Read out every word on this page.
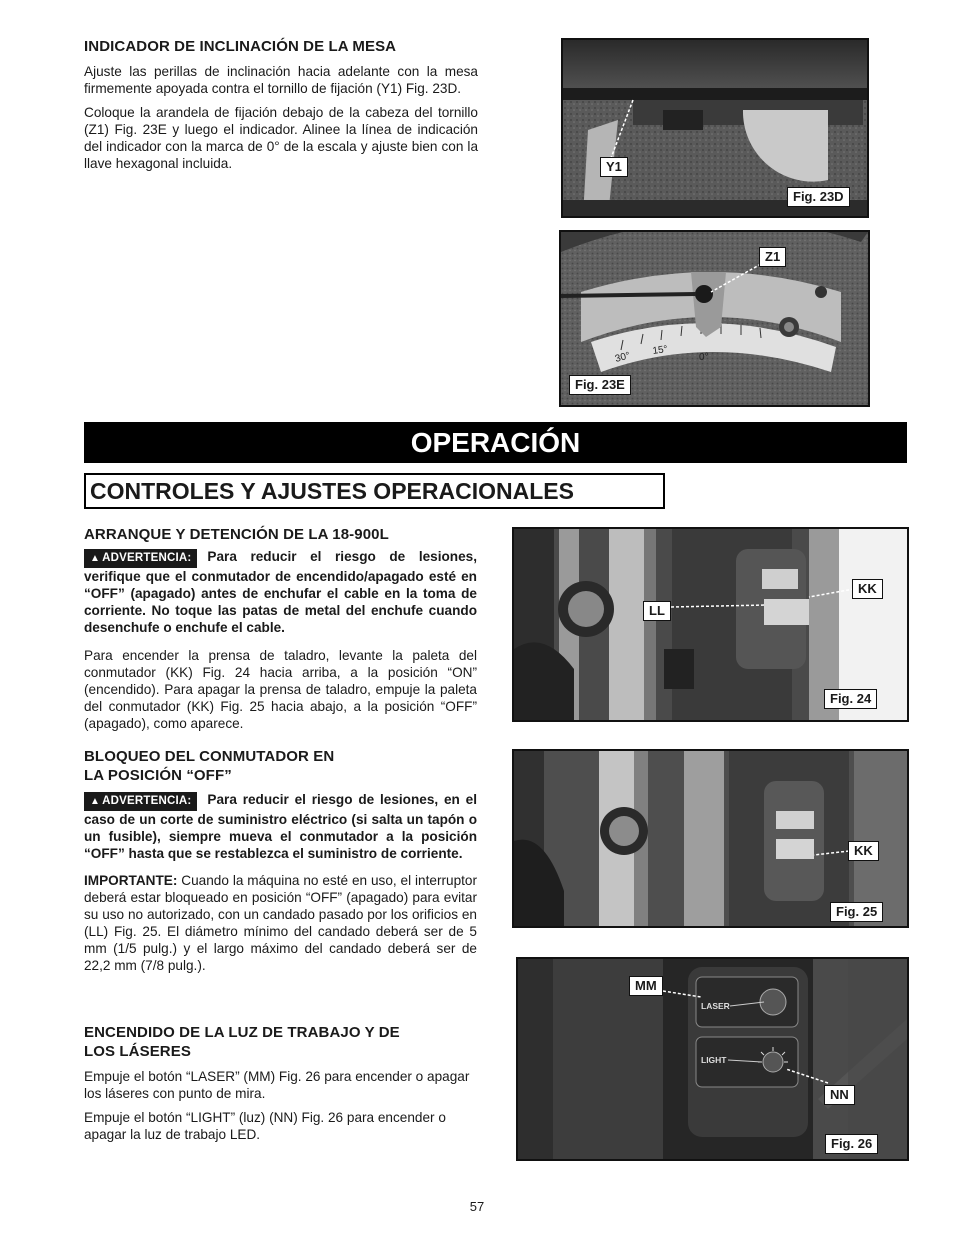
INDICADOR DE INCLINACIÓN DE LA MESA

Ajuste las perillas de inclinación hacia adelante con la mesa firmemente apoyada contra el tornillo de fijación (Y1) Fig. 23D.

Coloque la arandela de fijación debajo de la cabeza del tornillo (Z1) Fig. 23E y luego el indicador. Alinee la línea de indicación del indicador con la marca de 0° de la escala y ajuste bien con la llave hexagonal incluida.	Y1
Fig. 23D
30° 15°
0°
Z1
Fig. 23E
OPERACIÓN
CONTROLES Y AJUSTES OPERACIONALES
ARRANQUE Y DETENCIÓN DE LA 18-900L

▲ ADVERTENCIA: Para reducir el riesgo de lesiones, verifique que el conmutador de encendido/apagado esté en “OFF” (apagado) antes de enchufar el cable en la toma de corriente. No toque las patas de metal del enchufe cuando desenchufe o enchufe el cable.

Para encender la prensa de taladro, levante la paleta del conmutador (KK) Fig. 24 hacia arriba, a la posición “ON” (encendido). Para apagar la prensa de taladro, empuje la paleta del conmutador (KK) Fig. 25 hacia abajo, a la posición “OFF” (apagado), como aparece.

KK
LL
Fig. 24
BLOQUEO DEL CONMUTADOR EN
LA POSICIÓN “OFF”

▲ ADVERTENCIA: Para reducir el riesgo de lesiones, en el caso de un corte de suministro eléctrico (si salta un tapón o un fusible), siempre mueva el conmutador a la posición “OFF” hasta que se restablezca el suministro de corriente.

IMPORTANTE: Cuando la máquina no esté en uso, el interruptor deberá estar bloqueado en posición “OFF” (apagado) para evitar su uso no autorizado, con un candado pasado por los orificios en (LL) Fig. 25. El diámetro mínimo del candado deberá ser de 5 mm (1/5 pulg.) y el largo máximo del candado deberá ser de 22,2 mm (7/8 pulg.).

KK
Fig. 25
ENCENDIDO DE LA LUZ DE TRABAJO Y DE
LOS LÁSERES

Empuje el botón “LASER” (MM) Fig. 26 para encender o apagar los láseres con punto de mira.

Empuje el botón “LIGHT” (luz) (NN) Fig. 26 para encender o apagar la luz de trabajo LED.

LASER
LIGHT
MM
NN
Fig. 26
57
